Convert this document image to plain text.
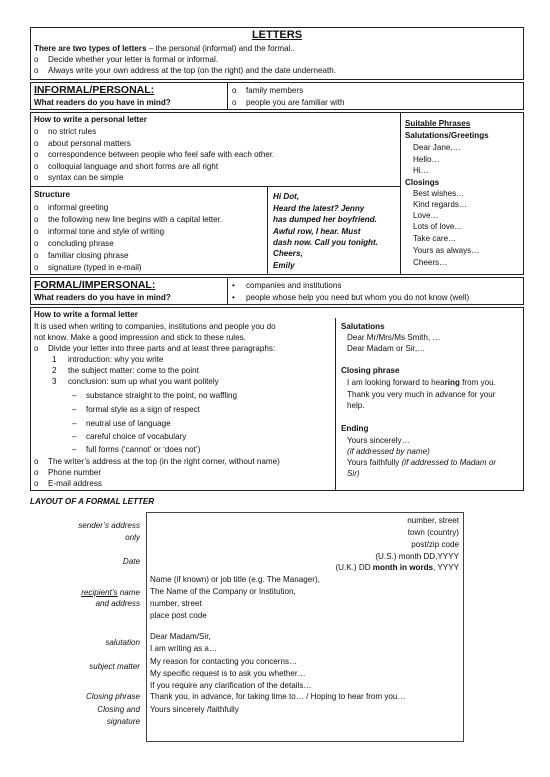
LETTERS
There are two types of letters – the personal (informal) and the formal..
o Decide whether your letter is formal or informal.
o Always write your own address at the top (on the right) and the date underneath.
INFORMAL/PERSONAL:
What readers do you have in mind?
o family members
o people you are familiar with
How to write a personal letter
o no strict rules
o about personal matters
o correspondence between people who feel safe with each other.
o colloquial language and short forms are all right
o syntax can be simple
Structure
o informal greeting
o the following new line begins with a capital letter.
o informal tone and style of writing
o concluding phrase
o familiar closing phrase
o signature (typed in e-mail)
Hi Dot,
Heard the latest? Jenny
has dumped her boyfriend.
Awful row, I hear. Must
dash now. Call you tonight.
Cheers,
Emily
Suitable Phrases
Salutations/Greetings
Dear Jane,…
Hello…
Hi…
Closings
Best wishes…
Kind regards…
Love…
Lots of love…
Take care…
Yours as always…
Cheers…
FORMAL/IMPERSONAL:
What readers do you have in mind?
• companies and institutions
• people whose help you need but whom you do not know (well)
How to write a formal letter
It is used when writing to companies, institutions and people you do
not know. Make a good impression and stick to these rules.
o Divide your letter into three parts and at least three paragraphs:
1 introduction: why you write
2 the subject matter: come to the point
3 conclusion: sum up what you want politely
– substance straight to the point, no waffling
– formal style as a sign of respect
– neutral use of language
– careful choice of vocabulary
– full forms (‘cannot’ or ‘does not’)
o The writer’s address at the top (in the right corner, without name)
o Phone number
o E-mail address
Salutations
Dear Mr/Mrs/Ms Smith, …
Dear Madam or Sir,…
Closing phrase
I am looking forward to hearing from you.
Thank you very much in advance for your
help.
Ending
Yours sincerely…
(if addressed by name)
Yours faithfully (if addressed to Madam or
Sir)
LAYOUT OF A FORMAL LETTER
sender’s address
only
number, street
town (country)
post/zip code
Date
(U.S.) month DD,YYYY
(U.K.) DD month in words, YYYY
recipient’s name
and address
Name (if known) or job title (e.g. The Manager),
The Name of the Company or Institution,
number, street
place post code
salutation
Dear Madam/Sir,
I am writing as a…
subject matter
My reason for contacting you concerns…
My specific request is to ask you whether…
If you require any clarification of the details…
Closing phrase Thank you, in advance, for taking time to… / Hoping to hear from you…
Closing and
signature
Yours sincerely /faithfully
